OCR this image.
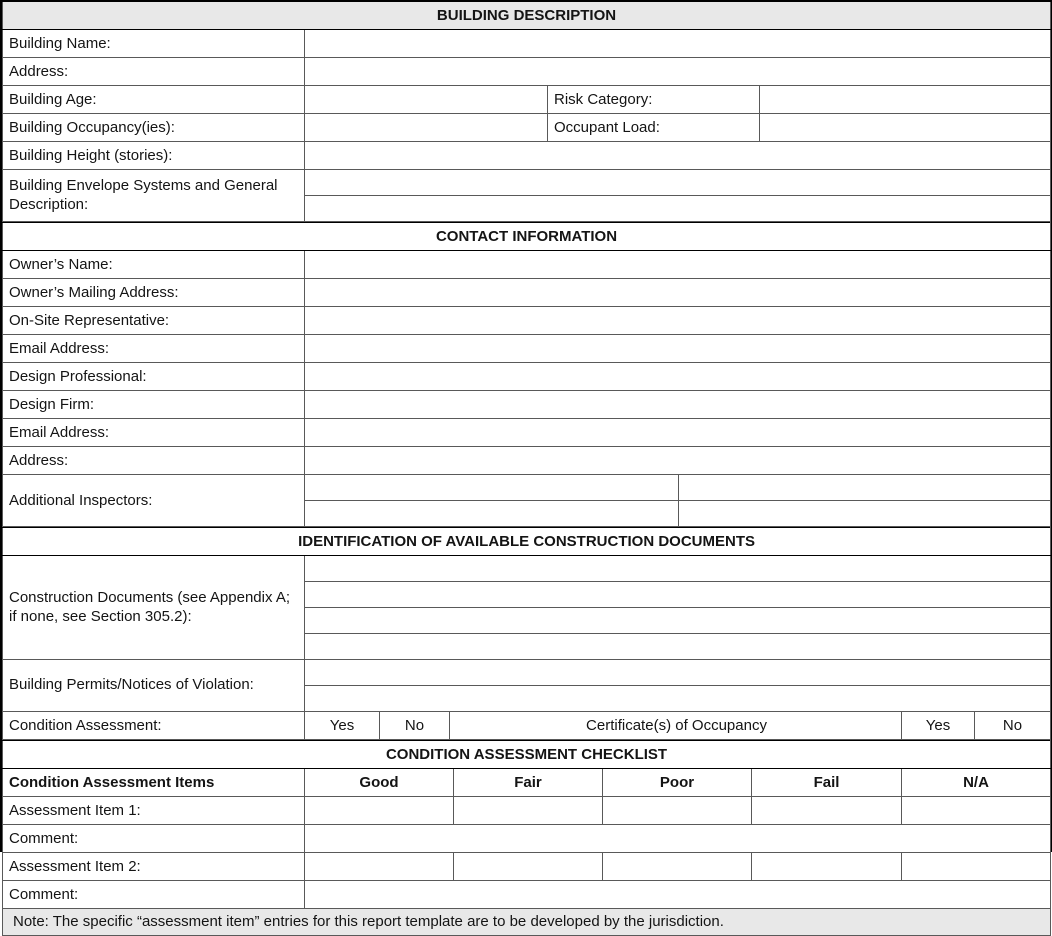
BUILDING DESCRIPTION			
Building Name:			
Address:			
Building Age:		Risk Category:	
Building Occupancy(ies):		Occupant Load:	
Building Height (stories):			
Building Envelope Systems and General Description:			

CONTACT INFORMATION		
Owner’s Name:		
Owner’s Mailing Address:		
On-Site Representative:		
Email Address:		
Design Professional:		
Design Firm:		
Email Address:		
Address:		
Additional Inspectors:		

IDENTIFICATION OF AVAILABLE CONSTRUCTION DOCUMENTS					
Construction Documents (see Appendix A; if none, see Section 305.2):					

Building Permits/Notices of Violation:					

Condition Assessment:	Yes	No	Certificate(s) of Occupancy	Yes	No
CONDITION ASSESSMENT CHECKLIST					
Condition Assessment Items	Good	Fair	Poor	Fail	N/A
Assessment Item 1:					
Comment:					
Assessment Item 2:					
Comment:					
Note: The specific “assessment item” entries for this report template are to be developed by the jurisdiction.					
